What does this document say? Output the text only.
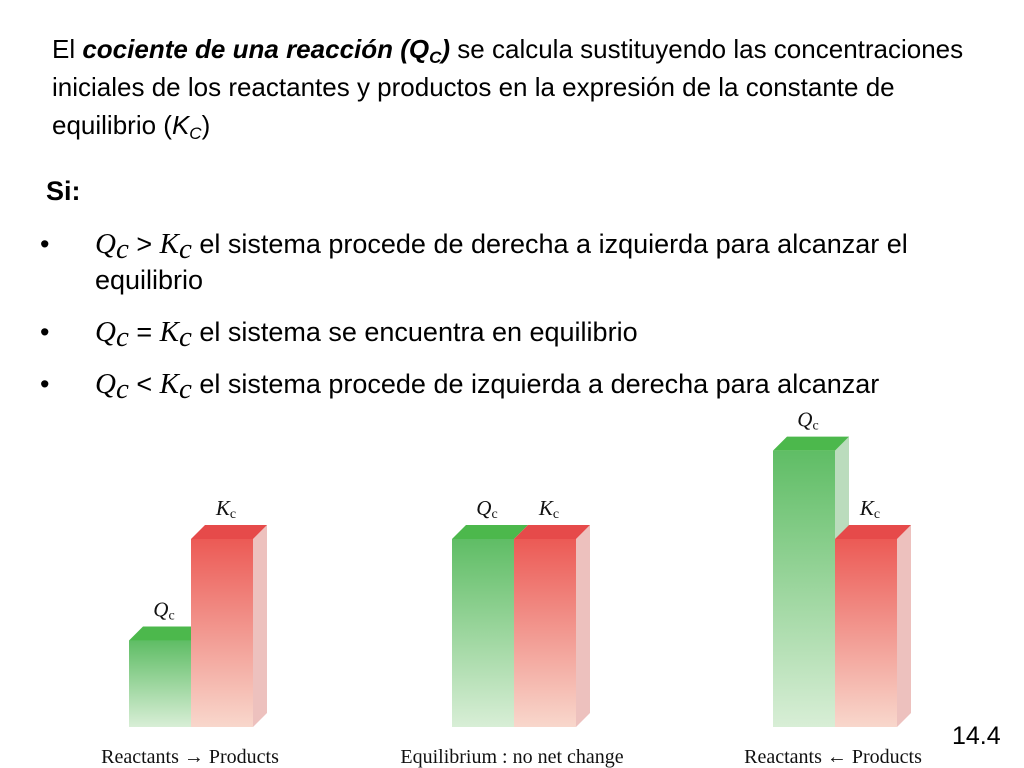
El cociente de una reacción $(Q_C)$ se calcula sustituyendo las concentraciones iniciales de los reactantes y productos en la expresión de la constante de equilibrio $(K_C)$
Si:
• $Q_c > K_c$ el sistema procede de derecha a izquierda para alcanzar el equilibrio
• $Q_c = K_c$ el sistema se encuentra en equilibrio
• $Q_c < K_c$ el sistema procede de izquierda a derecha para alcanzar
Qc
Kc
Reactants → Products
Qc Kc
Equilibrium : no net change
Qc
Kc
Reactants ← Products
14.4
